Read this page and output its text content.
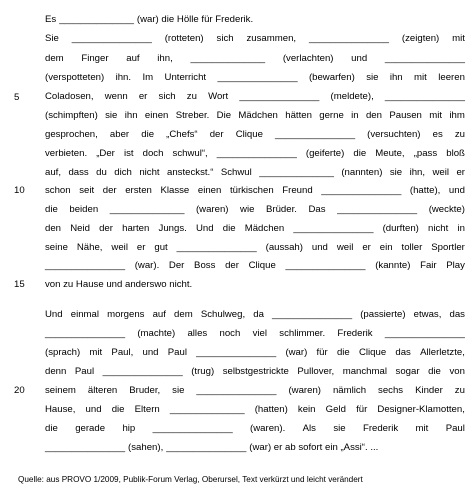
Es ______________ (war) die Hölle für Frederik.
Sie _______________ (rotteten) sich zusammen, _______________ (zeigten) mit
dem Finger auf ihn, ______________ (verlachten) und _______________
(verspotteten) ihn. Im Unterricht _______________ (bewarfen) sie ihn mit leeren
Coladosen, wenn er sich zu Wort _______________ (meldete), _______________
(schimpften) sie ihn einen Streber. Die Mädchen hätten gerne in den Pausen mit ihm
gesprochen, aber die „Chefs“ der Clique _______________ (versuchten) es zu
verbieten. „Der ist doch schwul“, _______________ (geiferte) die Meute, „pass bloß
auf, dass du dich nicht ansteckst.“ Schwul ______________ (nannten) sie ihn, weil er
schon seit der ersten Klasse einen türkischen Freund _______________ (hatte), und
die beiden ______________ (waren) wie Brüder. Das _______________ (weckte)
den Neid der harten Jungs. Und die Mädchen _______________ (durften) nicht in
seine Nähe, weil er gut _______________ (aussah) und weil er ein toller Sportler
_______________ (war). Der Boss der Clique _______________ (kannte) Fair Play
von zu Hause und anderswo nicht.
Und einmal morgens auf dem Schulweg, da _______________ (passierte) etwas, das
_______________ (machte) alles noch viel schlimmer. Frederik _______________
(sprach) mit Paul, und Paul _______________ (war) für die Clique das Allerletzte,
denn Paul _______________ (trug) selbstgestrickte Pullover, manchmal sogar die von
seinem älteren Bruder, sie _______________ (waren) nämlich sechs Kinder zu
Hause, und die Eltern ______________ (hatten) kein Geld für Designer-Klamotten,
die gerade hip _______________ (waren). Als sie Frederik mit Paul
_______________ (sahen), _______________ (war) er ab sofort ein „Assi“. ...
5
10
15
20
Quelle: aus PROVO 1/2009, Publik-Forum Verlag, Oberursel, Text verkürzt und leicht verändert
